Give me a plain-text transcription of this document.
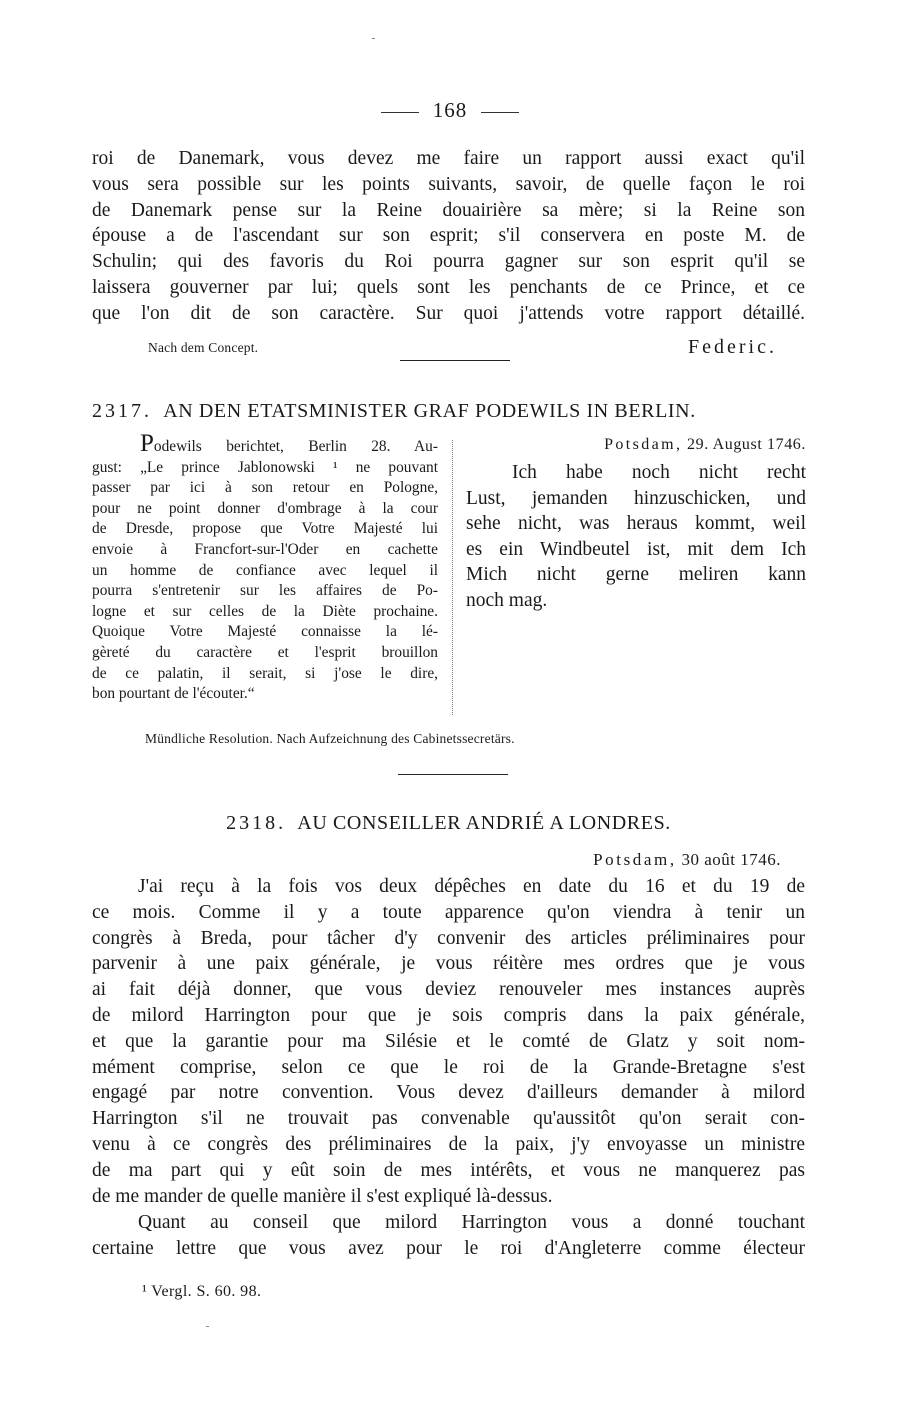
168
roi de Danemark, vous devez me faire un rapport aussi exact qu'il
vous sera possible sur les points suivants, savoir, de quelle façon le roi
de Danemark pense sur la Reine douairière sa mère; si la Reine son
épouse a de l'ascendant sur son esprit; s'il conservera en poste M. de
Schulin; qui des favoris du Roi pourra gagner sur son esprit qu'il se
laissera gouverner par lui; quels sont les penchants de ce Prince, et ce
que l'on dit de son caractère. Sur quoi j'attends votre rapport détaillé.
Nach dem Concept.	Federic.
2317. AN DEN ETATSMINISTER GRAF PODEWILS IN BERLIN.
Podewils berichtet, Berlin 28. Au-
gust: „Le prince Jablonowski ¹ ne pouvant
passer par ici à son retour en Pologne,
pour ne point donner d'ombrage à la cour
de Dresde, propose que Votre Majesté lui
envoie à Francfort-sur-l'Oder en cachette
un homme de confiance avec lequel il
pourra s'entretenir sur les affaires de Po-
logne et sur celles de la Diète prochaine.
Quoique Votre Majesté connaisse la lé-
gèreté du caractère et l'esprit brouillon
de ce palatin, il serait, si j'ose le dire,
bon pourtant de l'écouter.“
Potsdam, 29. August 1746.
Ich habe noch nicht recht
Lust, jemanden hinzuschicken, und
sehe nicht, was heraus kommt, weil
es ein Windbeutel ist, mit dem Ich
Mich nicht gerne meliren kann
noch mag.
Mündliche Resolution. Nach Aufzeichnung des Cabinetssecretärs.
2318. AU CONSEILLER ANDRIÉ A LONDRES.
Potsdam, 30 août 1746.
J'ai reçu à la fois vos deux dépêches en date du 16 et du 19 de
ce mois. Comme il y a toute apparence qu'on viendra à tenir un
congrès à Breda, pour tâcher d'y convenir des articles préliminaires pour
parvenir à une paix générale, je vous réitère mes ordres que je vous
ai fait déjà donner, que vous deviez renouveler mes instances auprès
de milord Harrington pour que je sois compris dans la paix générale,
et que la garantie pour ma Silésie et le comté de Glatz y soit nom-
mément comprise, selon ce que le roi de la Grande-Bretagne s'est
engagé par notre convention. Vous devez d'ailleurs demander à milord
Harrington s'il ne trouvait pas convenable qu'aussitôt qu'on serait con-
venu à ce congrès des préliminaires de la paix, j'y envoyasse un ministre
de ma part qui y eût soin de mes intérêts, et vous ne manquerez pas
de me mander de quelle manière il s'est expliqué là-dessus.
Quant au conseil que milord Harrington vous a donné touchant
certaine lettre que vous avez pour le roi d'Angleterre comme électeur
¹ Vergl. S. 60. 98.
